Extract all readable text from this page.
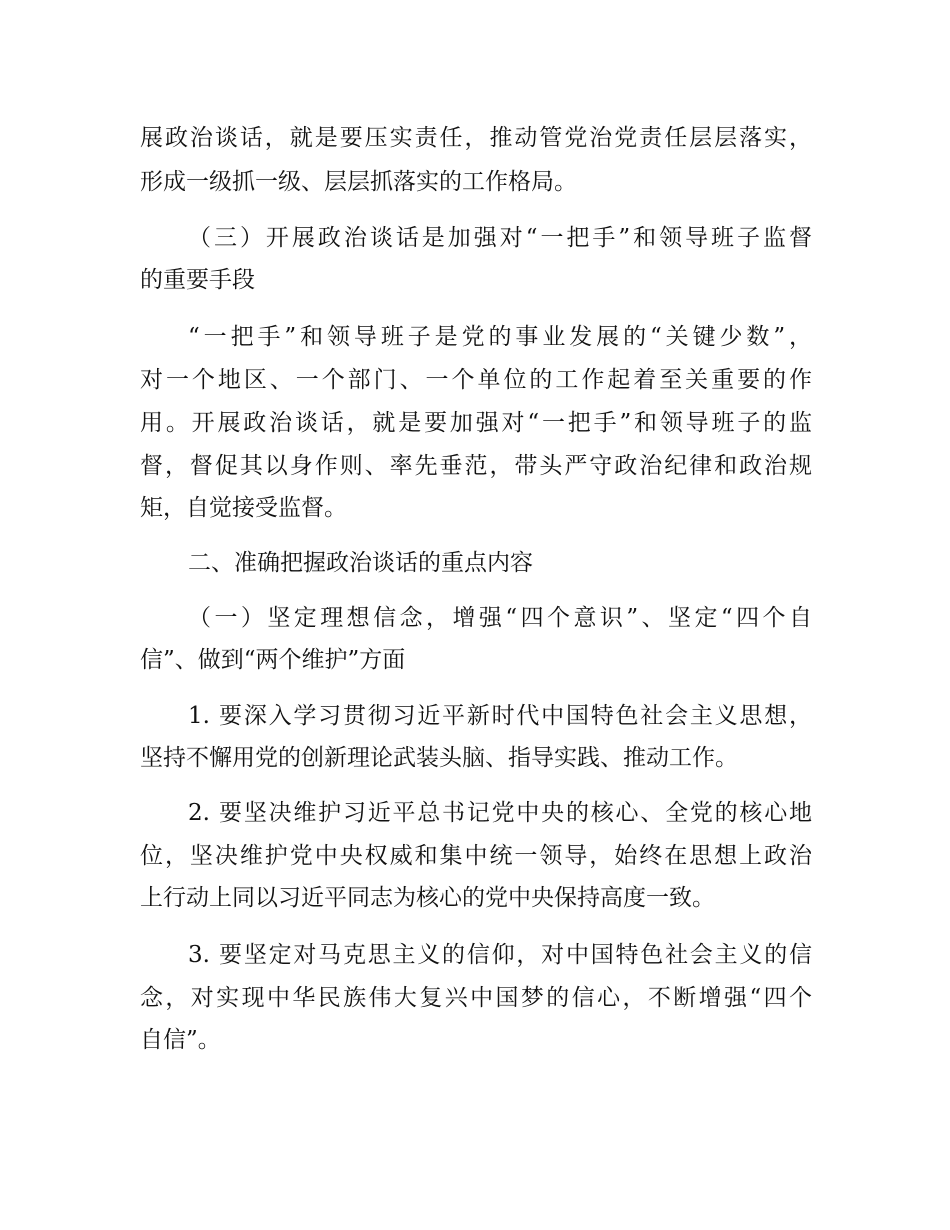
展政治谈话，就是要压实责任，推动管党治党责任层层落实，
形成一级抓一级、层层抓落实的工作格局。
（三）开展政治谈话是加强对“一把手”和领导班子监督
的重要手段
“一把手”和领导班子是党的事业发展的“关键少数”，
对一个地区、一个部门、一个单位的工作起着至关重要的作
用。开展政治谈话，就是要加强对“一把手”和领导班子的监
督，督促其以身作则、率先垂范，带头严守政治纪律和政治规
矩，自觉接受监督。
二、准确把握政治谈话的重点内容
（一）坚定理想信念，增强“四个意识”、坚定“四个自
信”、做到“两个维护”方面
1. 要深入学习贯彻习近平新时代中国特色社会主义思想，
坚持不懈用党的创新理论武装头脑、指导实践、推动工作。
2. 要坚决维护习近平总书记党中央的核心、全党的核心地
位，坚决维护党中央权威和集中统一领导，始终在思想上政治
上行动上同以习近平同志为核心的党中央保持高度一致。
3. 要坚定对马克思主义的信仰，对中国特色社会主义的信
念，对实现中华民族伟大复兴中国梦的信心，不断增强“四个
自信”。
